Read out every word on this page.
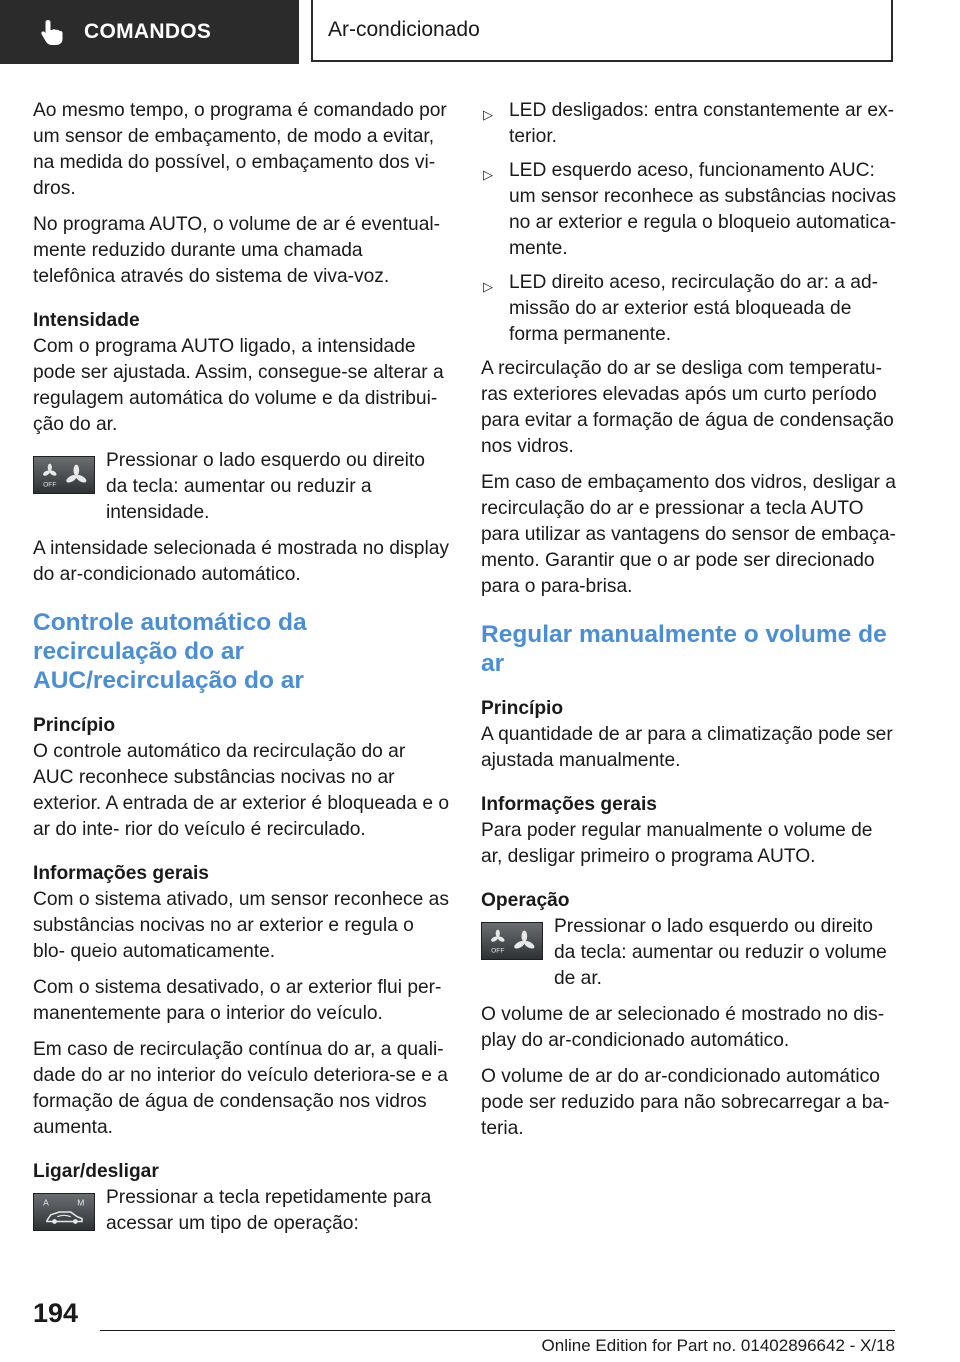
COMANDOS	Ar-condicionado

Ao mesmo tempo, o programa é comandado por um sensor de embaçamento, de modo a evitar, na medida do possível, o embaçamento dos vi‐ dros.

No programa AUTO, o volume de ar é eventual‐ mente reduzido durante uma chamada telefônica através do sistema de viva-voz.

Intensidade

Com o programa AUTO ligado, a intensidade pode ser ajustada. Assim, consegue-se alterar a regulagem automática do volume e da distribui‐ ção do ar.

OFF
Pressionar o lado esquerdo ou direito da tecla: aumentar ou reduzir a intensidade.

A intensidade selecionada é mostrada no display do ar-condicionado automático.

Controle automático da recirculação do ar AUC/recirculação do ar
Princípio

O controle automático da recirculação do ar AUC reconhece substâncias nocivas no ar exterior. A entrada de ar exterior é bloqueada e o ar do inte‐ rior do veículo é recirculado.

Informações gerais

Com o sistema ativado, um sensor reconhece as substâncias nocivas no ar exterior e regula o blo‐ queio automaticamente.

Com o sistema desativado, o ar exterior flui per‐ manentemente para o interior do veículo.

Em caso de recirculação contínua do ar, a quali‐ dade do ar no interior do veículo deteriora-se e a formação de água de condensação nos vidros aumenta.

Ligar/desligar
A	M Pressionar a tecla repetidamente para acessar um tipo de operação:
▷ LED desligados: entra constantemente ar ex‐ terior.
▷ LED esquerdo aceso, funcionamento AUC: um sensor reconhece as substâncias nocivas no ar exterior e regula o bloqueio automatica‐ mente.
▷ LED direito aceso, recirculação do ar: a ad‐ missão do ar exterior está bloqueada de forma permanente.

A recirculação do ar se desliga com temperatu‐ ras exteriores elevadas após um curto período para evitar a formação de água de condensação nos vidros.

Em caso de embaçamento dos vidros, desligar a recirculação do ar e pressionar a tecla AUTO para utilizar as vantagens do sensor de embaça‐ mento. Garantir que o ar pode ser direcionado para o para-brisa.

Regular manualmente o volume de ar
Princípio

A quantidade de ar para a climatização pode ser ajustada manualmente.

Informações gerais

Para poder regular manualmente o volume de ar, desligar primeiro o programa AUTO.

Operação
OFF
Pressionar o lado esquerdo ou direito da tecla: aumentar ou reduzir o volume de ar.

O volume de ar selecionado é mostrado no dis‐ play do ar-condicionado automático.

O volume de ar do ar-condicionado automático pode ser reduzido para não sobrecarregar a ba‐ teria.

194
Online Edition for Part no. 01402896642 - X/18
